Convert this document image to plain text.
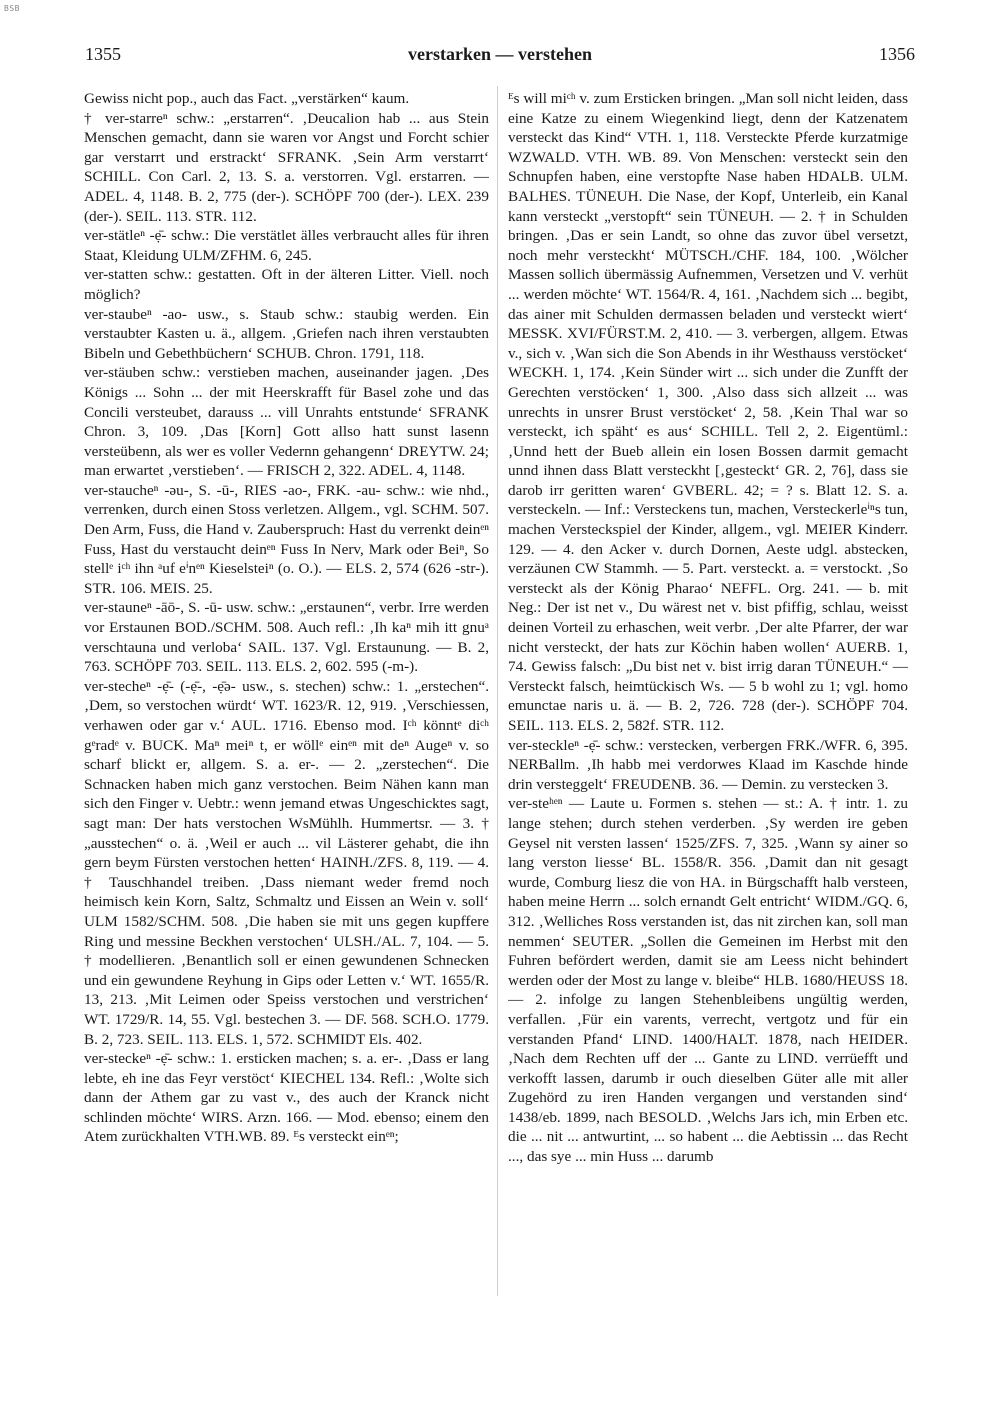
BSB
1355	verstarken — verstehen	1356

Gewiss nicht pop., auch das Fact. „verstärken“ kaum.

† ver-starreⁿ schw.: „erstarren“. ‚Deucalion hab ... aus Stein Menschen gemacht, dann sie waren vor Angst und Forcht schier gar verstarrt und erstrackt‘ SFRANK. ‚Sein Arm verstarrt‘ SCHILL. Con Carl. 2, 13. S. a. verstorren. Vgl. erstarren. — ADEL. 4, 1148. B. 2, 775 (der-). SCHÖPF 700 (der-). LEX. 239 (der-). SEIL. 113. STR. 112.

ver-stätleⁿ -ẹ̄- schw.: Die verstätlet älles verbraucht alles für ihren Staat, Kleidung ULM/ZFHM. 6, 245.

ver-statten schw.: gestatten. Oft in der älteren Litter. Viell. noch möglich?

ver-staubeⁿ -ao- usw., s. Staub schw.: staubig werden. Ein verstaubter Kasten u. ä., allgem. ‚Griefen nach ihren verstaubten Bibeln und Gebethbüchern‘ SCHUB. Chron. 1791, 118.

ver-stäuben schw.: verstieben machen, auseinander jagen. ‚Des Königs ... Sohn ... der mit Heerskrafft für Basel zohe und das Concili versteubet, darauss ... vill Unrahts entstunde‘ SFRANK Chron. 3, 109. ‚Das [Korn] Gott allso hatt sunst lasenn versteübenn, als wer es voller Vedernn gehangenn‘ DREYTW. 24; man erwartet ‚verstieben‘. — FRISCH 2, 322. ADEL. 4, 1148.

ver-staucheⁿ -əu-, S. -ū-, RIES -ao-, FRK. -au- schw.: wie nhd., verrenken, durch einen Stoss verletzen. Allgem., vgl. SCHM. 507. Den Arm, Fuss, die Hand v. Zauberspruch: Hast du verrenkt deinᵉⁿ Fuss, Hast du verstaucht deinᵉⁿ Fuss In Nerv, Mark oder Beiⁿ, So stellᵉ iᶜʰ ihn ᵃuf eⁱnᵉⁿ Kieselsteiⁿ (o. O.). — ELS. 2, 574 (626 -str-). STR. 106. MEIS. 25.

ver-stauneⁿ -āō-, S. -ū- usw. schw.: „erstaunen“, verbr. Irre werden vor Erstaunen BOD./SCHM. 508. Auch refl.: ‚Ih kaⁿ mih itt gnuᵃ verschtauna und verloba‘ SAIL. 137. Vgl. Erstaunung. — B. 2, 763. SCHÖPF 703. SEIL. 113. ELS. 2, 602. 595 (-m-).

ver-stecheⁿ -ẹ̄- (-ẹ̄-, -ẹ̄ə- usw., s. stechen) schw.: 1. „erstechen“. ‚Dem, so verstochen würdt‘ WT. 1623/R. 12, 919. ‚Verschiessen, verhawen oder gar v.‘ AUL. 1716. Ebenso mod. Iᶜʰ könntᵉ diᶜʰ gᵉradᵉ v. BUCK. Maⁿ meiⁿ t, er wöllᵉ einᵉⁿ mit deⁿ Augeⁿ v. so scharf blickt er, allgem. S. a. er-. — 2. „zerstechen“. Die Schnacken haben mich ganz verstochen. Beim Nähen kann man sich den Finger v. Uebtr.: wenn jemand etwas Ungeschicktes sagt, sagt man: Der hats verstochen WsMühlh. Hummertsr. — 3. † „ausstechen“ o. ä. ‚Weil er auch ... vil Lästerer gehabt, die ihn gern beym Fürsten verstochen hetten‘ HAINH./ZFS. 8, 119. — 4. † Tauschhandel treiben. ‚Dass niemant weder fremd noch heimisch kein Korn, Saltz, Schmaltz und Eissen an Wein v. soll‘ ULM 1582/SCHM. 508. ‚Die haben sie mit uns gegen kupffere Ring und messine Beckhen verstochen‘ ULSH./AL. 7, 104. — 5. † modellieren. ‚Benantlich soll er einen gewundenen Schnecken und ein gewundene Reyhung in Gips oder Letten v.‘ WT. 1655/R. 13, 213. ‚Mit Leimen oder Speiss verstochen und verstrichen‘ WT. 1729/R. 14, 55. Vgl. bestechen 3. — DF. 568. SCH.O. 1779. B. 2, 723. SEIL. 113. ELS. 1, 572. SCHMIDT Els. 402.

ver-steckeⁿ -ẹ̄- schw.: 1. ersticken machen; s. a. er-. ‚Dass er lang lebte, eh ine das Feyr verstöct‘ KIECHEL 134. Refl.: ‚Wolte sich dann der Athem gar zu vast v., des auch der Kranck nicht schlinden möchte‘ WIRS. Arzn. 166. — Mod. ebenso; einem den Atem zurückhalten VTH.WB. 89. ᴱs versteckt einᵉⁿ;

ᴱs will miᶜʰ v. zum Ersticken bringen. „Man soll nicht leiden, dass eine Katze zu einem Wiegenkind liegt, denn der Katzenatem versteckt das Kind“ VTH. 1, 118. Versteckte Pferde kurzatmige WZWALD. VTH. WB. 89. Von Menschen: versteckt sein den Schnupfen haben, eine verstopfte Nase haben HDALB. ULM. BALHES. TÜNEUH. Die Nase, der Kopf, Unterleib, ein Kanal kann versteckt „verstopft“ sein TÜNEUH. — 2. † in Schulden bringen. ‚Das er sein Landt, so ohne das zuvor übel versetzt, noch mehr versteckht‘ MÜTSCH./CHF. 184, 100. ‚Wölcher Massen sollich übermässig Aufnemmen, Versetzen und V. verhüt ... werden möchte‘ WT. 1564/R. 4, 161. ‚Nachdem sich ... begibt, das ainer mit Schulden dermassen beladen und versteckt wiert‘ MESSK. XVI/FÜRST.M. 2, 410. — 3. verbergen, allgem. Etwas v., sich v. ‚Wan sich die Son Abends in ihr Westhauss verstöcket‘ WECKH. 1, 174. ‚Kein Sünder wirt ... sich under die Zunfft der Gerechten verstöcken‘ 1, 300. ‚Also dass sich allzeit ... was unrechts in unsrer Brust verstöcket‘ 2, 58. ‚Kein Thal war so versteckt, ich späht‘ es aus‘ SCHILL. Tell 2, 2. Eigentüml.: ‚Unnd hett der Bueb allein ein losen Bossen darmit gemacht unnd ihnen dass Blatt versteckht [‚gesteckt‘ GR. 2, 76], dass sie darob irr geritten waren‘ GVBERL. 42; = ? s. Blatt 12. S. a. versteckeln. — Inf.: Versteckens tun, machen, Versteckerleⁱⁿs tun, machen Versteckspiel der Kinder, allgem., vgl. MEIER Kinderr. 129. — 4. den Acker v. durch Dornen, Aeste udgl. abstecken, verzäunen CW Stammh. — 5. Part. versteckt. a. = verstockt. ‚So versteckt als der König Pharao‘ NEFFL. Org. 241. — b. mit Neg.: Der ist net v., Du wärest net v. bist pfiffig, schlau, weisst deinen Vorteil zu erhaschen, weit verbr. ‚Der alte Pfarrer, der war nicht versteckt, der hats zur Köchin haben wollen‘ AUERB. 1, 74. Gewiss falsch: „Du bist net v. bist irrig daran TÜNEUH.“ — Versteckt falsch, heimtückisch Ws. — 5 b wohl zu 1; vgl. homo emunctae naris u. ä. — B. 2, 726. 728 (der-). SCHÖPF 704. SEIL. 113. ELS. 2, 582f. STR. 112.

ver-steckleⁿ -ẹ̄- schw.: verstecken, verbergen FRK./WFR. 6, 395. NERBallm. ‚Ih habb mei verdorwes Klaad im Kaschde hinde drin versteggelt‘ FREUDENB. 36. — Demin. zu verstecken 3.

ver-steʰᵉⁿ — Laute u. Formen s. stehen — st.: A. † intr. 1. zu lange stehen; durch stehen verderben. ‚Sy werden ire geben Geysel nit versten lassen‘ 1525/ZFS. 7, 325. ‚Wann sy ainer so lang verston liesse‘ BL. 1558/R. 356. ‚Damit dan nit gesagt wurde, Comburg liesz die von HA. in Bürgschafft halb versteen, haben meine Herrn ... solch ernandt Gelt entricht‘ WIDM./GQ. 6, 312. ‚Welliches Ross verstanden ist, das nit zirchen kan, soll man nemmen‘ SEUTER. „Sollen die Gemeinen im Herbst mit den Fuhren befördert werden, damit sie am Leess nicht behindert werden oder der Most zu lange v. bleibe“ HLB. 1680/HEUSS 18. — 2. infolge zu langen Stehenbleibens ungültig werden, verfallen. ‚Für ein varents, verrecht, vertgotz und für ein verstanden Pfand‘ LIND. 1400/HALT. 1878, nach HEIDER. ‚Nach dem Rechten uff der ... Gante zu LIND. verrüefft und verkofft lassen, darumb ir ouch dieselben Güter alle mit aller Zugehörd zu iren Handen vergangen und verstanden sind‘ 1438/eb. 1899, nach BESOLD. ‚Welchs Jars ich, min Erben etc. die ... nit ... antwurtint, ... so habent ... die Aebtissin ... das Recht ..., das sye ... min Huss ... darumb
